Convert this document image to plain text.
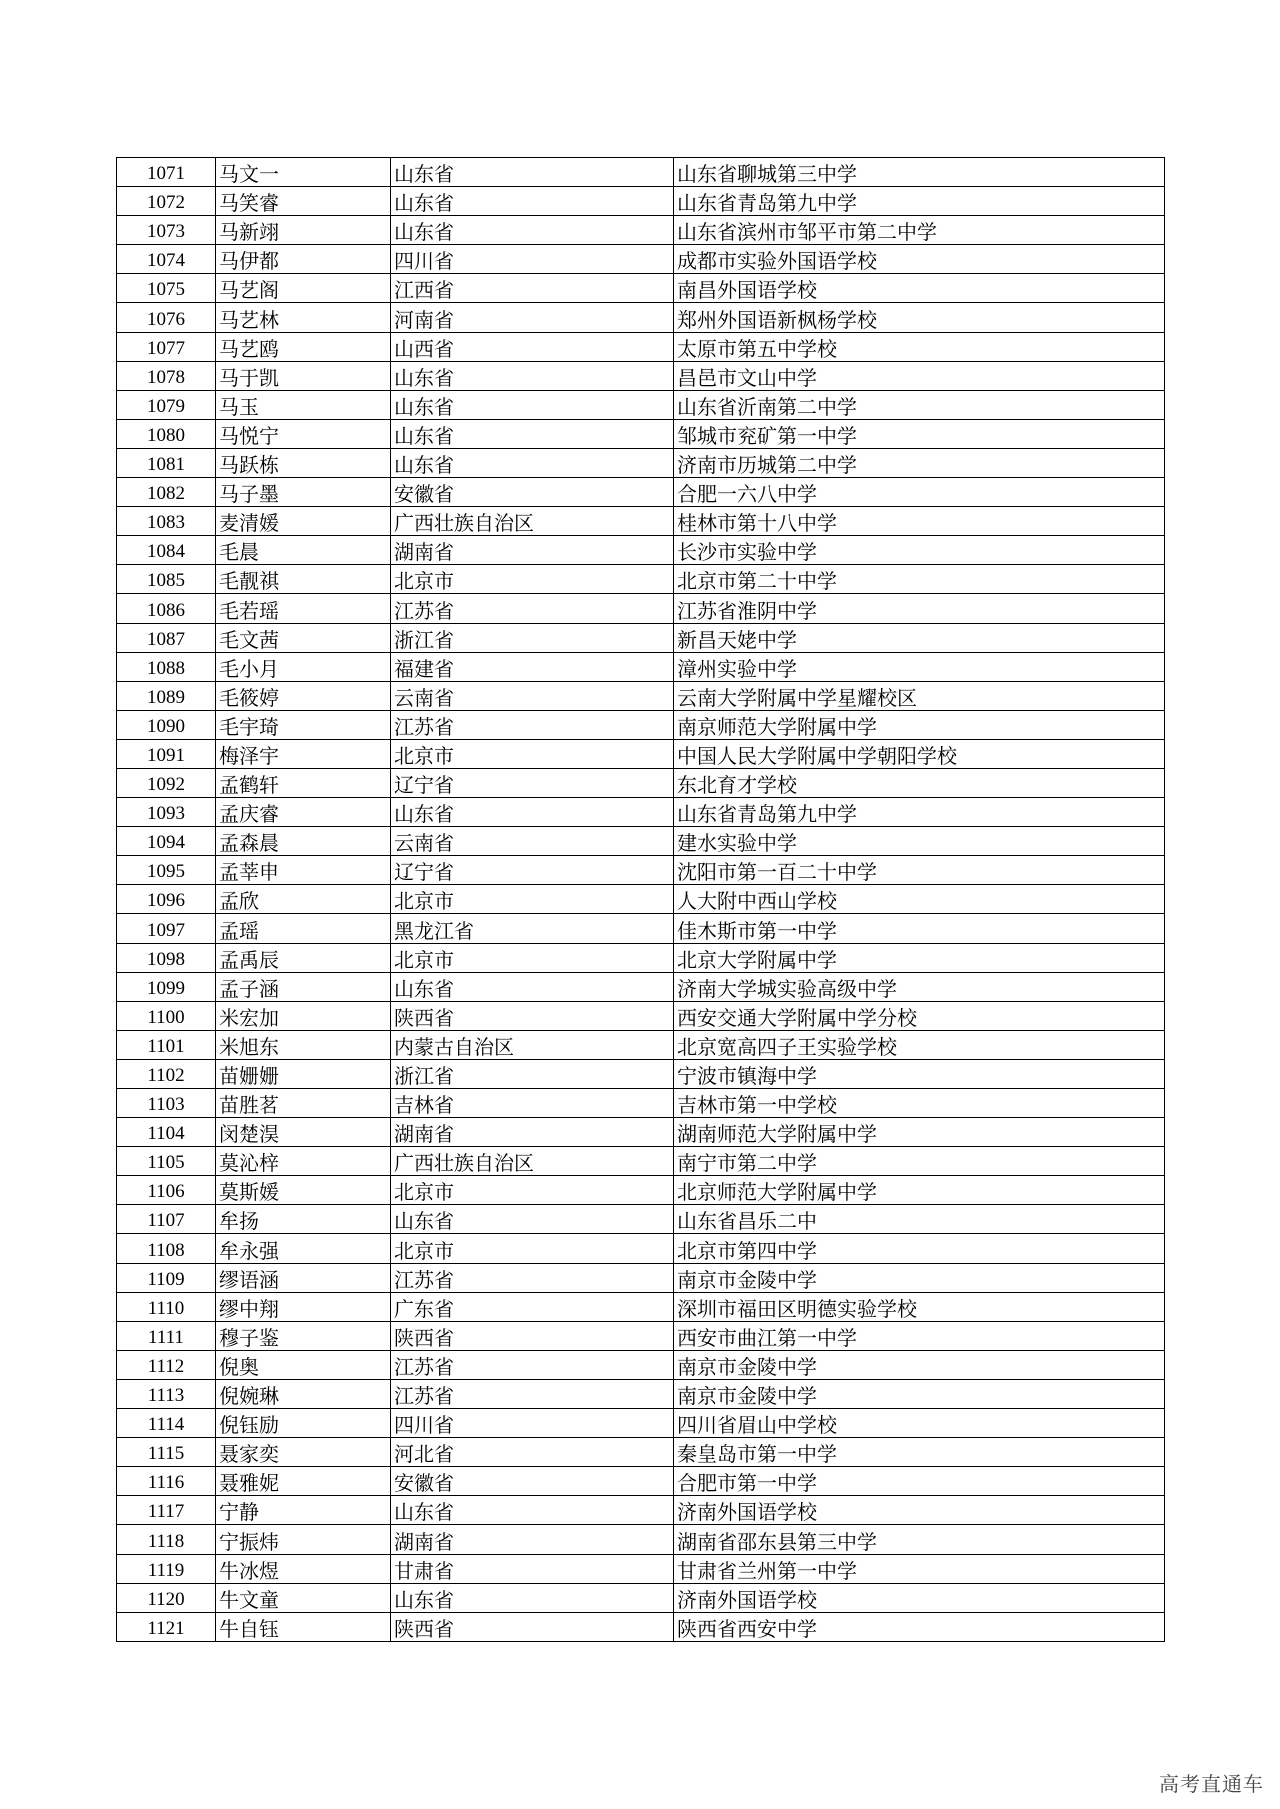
1071	马文一	山东省	山东省聊城第三中学
1072	马笑睿	山东省	山东省青岛第九中学
1073	马新翊	山东省	山东省滨州市邹平市第二中学
1074	马伊都	四川省	成都市实验外国语学校
1075	马艺阁	江西省	南昌外国语学校
1076	马艺林	河南省	郑州外国语新枫杨学校
1077	马艺鸥	山西省	太原市第五中学校
1078	马于凯	山东省	昌邑市文山中学
1079	马玉	山东省	山东省沂南第二中学
1080	马悦宁	山东省	邹城市兖矿第一中学
1081	马跃栋	山东省	济南市历城第二中学
1082	马子墨	安徽省	合肥一六八中学
1083	麦清媛	广西壮族自治区	桂林市第十八中学
1084	毛晨	湖南省	长沙市实验中学
1085	毛靓祺	北京市	北京市第二十中学
1086	毛若瑶	江苏省	江苏省淮阴中学
1087	毛文茜	浙江省	新昌天姥中学
1088	毛小月	福建省	漳州实验中学
1089	毛筱婷	云南省	云南大学附属中学星耀校区
1090	毛宇琦	江苏省	南京师范大学附属中学
1091	梅泽宇	北京市	中国人民大学附属中学朝阳学校
1092	孟鹤轩	辽宁省	东北育才学校
1093	孟庆睿	山东省	山东省青岛第九中学
1094	孟森晨	云南省	建水实验中学
1095	孟莘申	辽宁省	沈阳市第一百二十中学
1096	孟欣	北京市	人大附中西山学校
1097	孟瑶	黑龙江省	佳木斯市第一中学
1098	孟禹辰	北京市	北京大学附属中学
1099	孟子涵	山东省	济南大学城实验高级中学
1100	米宏加	陕西省	西安交通大学附属中学分校
1101	米旭东	内蒙古自治区	北京宽高四子王实验学校
1102	苗姗姗	浙江省	宁波市镇海中学
1103	苗胜茗	吉林省	吉林市第一中学校
1104	闵楚淏	湖南省	湖南师范大学附属中学
1105	莫沁梓	广西壮族自治区	南宁市第二中学
1106	莫斯媛	北京市	北京师范大学附属中学
1107	牟扬	山东省	山东省昌乐二中
1108	牟永强	北京市	北京市第四中学
1109	缪语涵	江苏省	南京市金陵中学
1110	缪中翔	广东省	深圳市福田区明德实验学校
1111	穆子鉴	陕西省	西安市曲江第一中学
1112	倪奥	江苏省	南京市金陵中学
1113	倪婉琳	江苏省	南京市金陵中学
1114	倪钰励	四川省	四川省眉山中学校
1115	聂家奕	河北省	秦皇岛市第一中学
1116	聂雅妮	安徽省	合肥市第一中学
1117	宁静	山东省	济南外国语学校
1118	宁振炜	湖南省	湖南省邵东县第三中学
1119	牛冰煜	甘肃省	甘肃省兰州第一中学
1120	牛文童	山东省	济南外国语学校
1121	牛自钰	陕西省	陕西省西安中学
高考直通车
